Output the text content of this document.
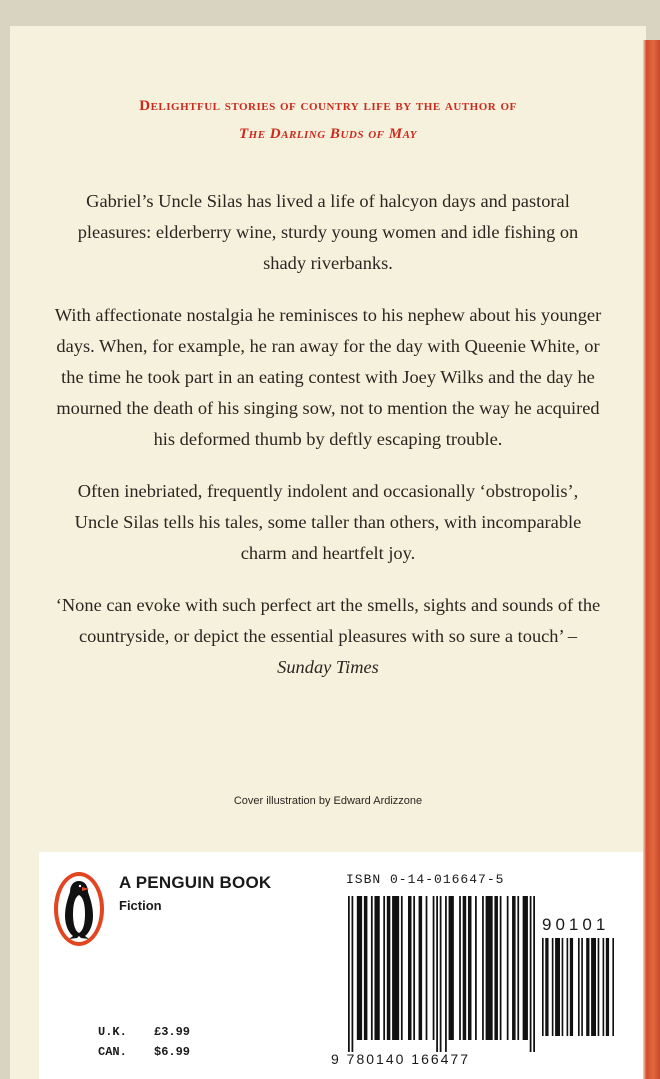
Delightful stories of country life by the author of
The Darling Buds of May

Gabriel’s Uncle Silas has lived a life of halcyon days and pastoral pleasures: elderberry wine, sturdy young women and idle fishing on shady riverbanks.

With affectionate nostalgia he reminisces to his nephew about his younger days. When, for example, he ran away for the day with Queenie White, or the time he took part in an eating contest with Joey Wilks and the day he mourned the death of his singing sow, not to mention the way he acquired his deformed thumb by deftly escaping trouble.

Often inebriated, frequently indolent and occasionally ‘obstropolis’, Uncle Silas tells his tales, some taller than others, with incomparable charm and heartfelt joy.

‘None can evoke with such perfect art the smells, sights and sounds of the countryside, or depict the essential pleasures with so sure a touch’ – Sunday Times

Cover illustration by Edward Ardizzone
A PENGUIN BOOK
Fiction
U.K.	£3.99
CAN.	$6.99
ISBN 0-14-016647-5
9 780140 166477
90101
